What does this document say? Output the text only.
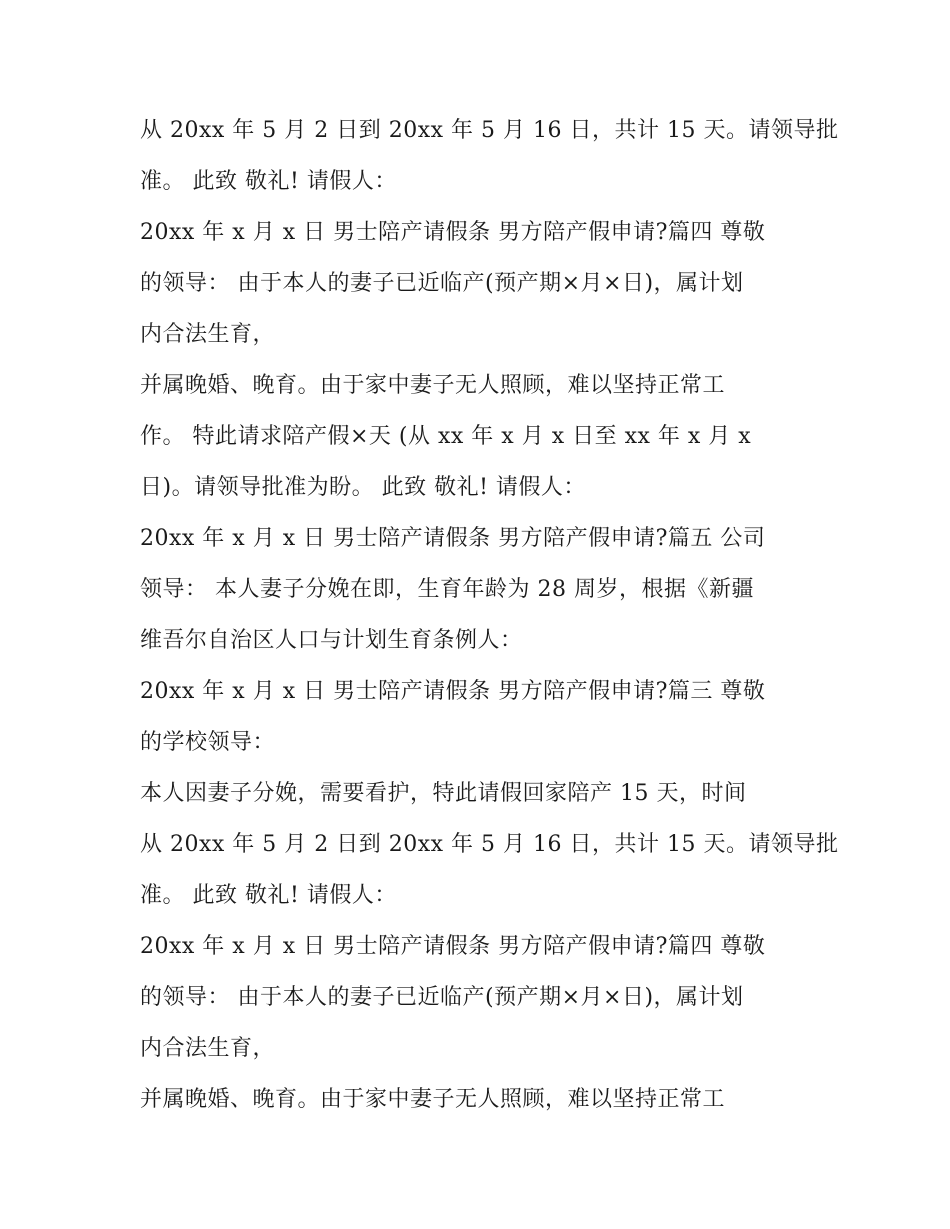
从 20xx 年 5 月 2 日到 20xx 年 5 月 16 日，共计 15 天。请领导批
准。 此致 敬礼! 请假人：
20xx 年 x 月 x 日 男士陪产请假条 男方陪产假申请?篇四 尊敬
的领导： 由于本人的妻子已近临产(预产期×月×日)，属计划
内合法生育，
并属晚婚、晚育。由于家中妻子无人照顾，难以坚持正常工
作。 特此请求陪产假×天 (从 xx 年 x 月 x 日至 xx 年 x 月 x
日)。请领导批准为盼。 此致 敬礼! 请假人：
20xx 年 x 月 x 日 男士陪产请假条 男方陪产假申请?篇五 公司
领导： 本人妻子分娩在即，生育年龄为 28 周岁，根据《新疆
维吾尔自治区人口与计划生育条例人：
20xx 年 x 月 x 日 男士陪产请假条 男方陪产假申请?篇三 尊敬
的学校领导：
本人因妻子分娩，需要看护，特此请假回家陪产 15 天，时间
从 20xx 年 5 月 2 日到 20xx 年 5 月 16 日，共计 15 天。请领导批
准。 此致 敬礼! 请假人：
20xx 年 x 月 x 日 男士陪产请假条 男方陪产假申请?篇四 尊敬
的领导： 由于本人的妻子已近临产(预产期×月×日)，属计划
内合法生育，
并属晚婚、晚育。由于家中妻子无人照顾，难以坚持正常工
